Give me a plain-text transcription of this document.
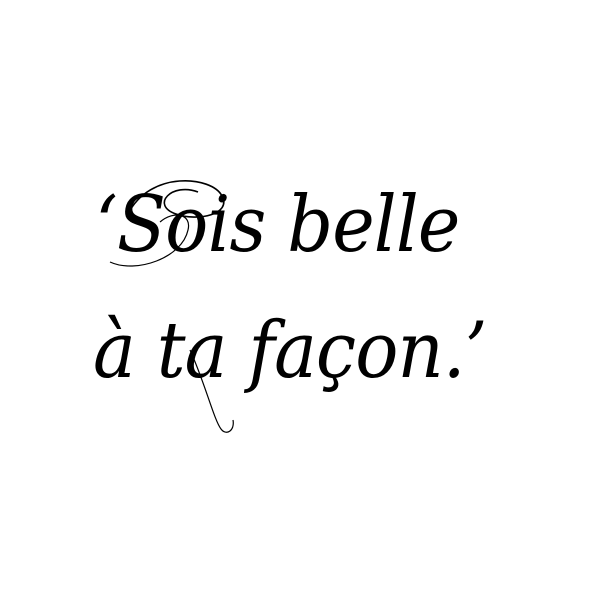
‘Sois belle
à ta façon.’
